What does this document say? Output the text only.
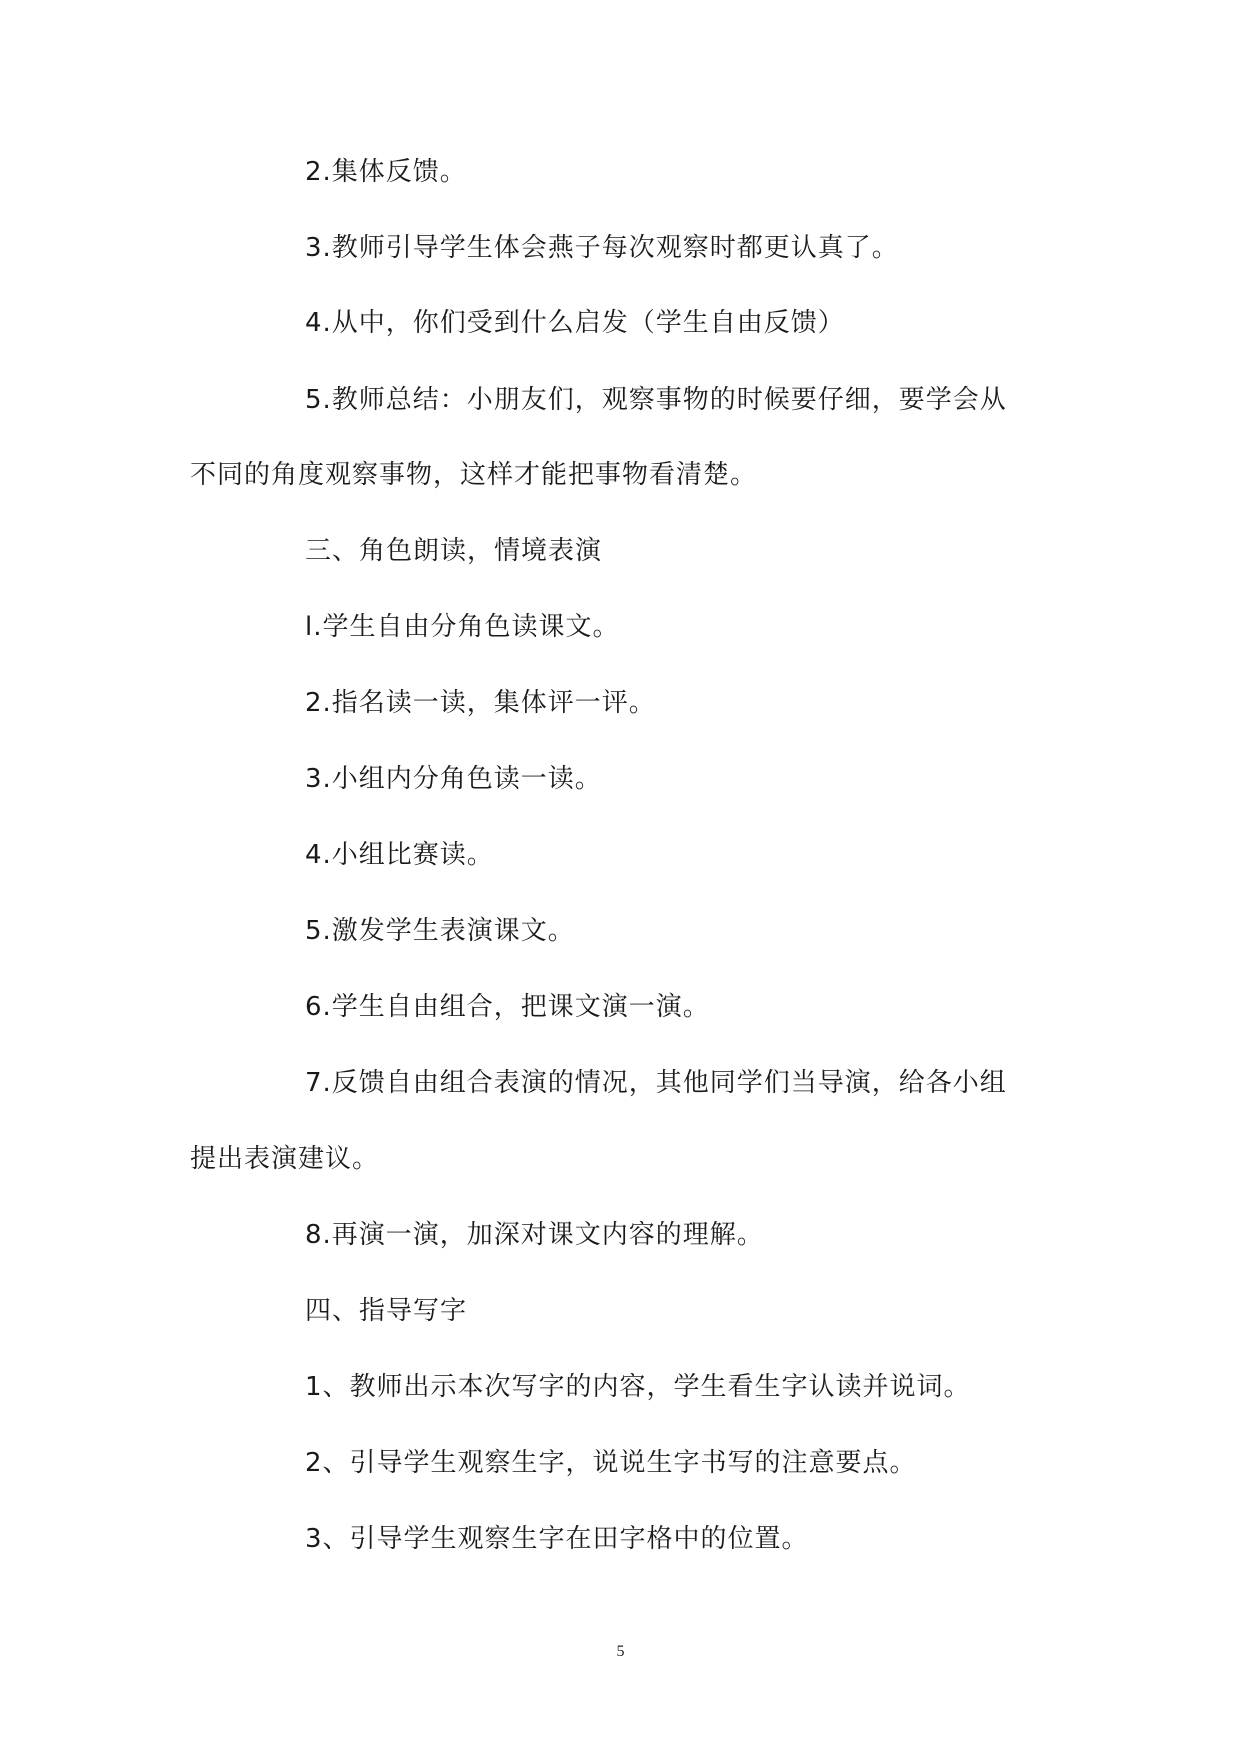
2.集体反馈。
3.教师引导学生体会燕子每次观察时都更认真了。
4.从中，你们受到什么启发（学生自由反馈）
5.教师总结：小朋友们，观察事物的时候要仔细，要学会从
不同的角度观察事物，这样才能把事物看清楚。
三、角色朗读，情境表演
l.学生自由分角色读课文。
2.指名读一读，集体评一评。
3.小组内分角色读一读。
4.小组比赛读。
5.激发学生表演课文。
6.学生自由组合，把课文演一演。
7.反馈自由组合表演的情况，其他同学们当导演，给各小组
提出表演建议。
8.再演一演，加深对课文内容的理解。
四、指导写字
1、教师出示本次写字的内容，学生看生字认读并说词。
2、引导学生观察生字，说说生字书写的注意要点。
3、引导学生观察生字在田字格中的位置。
5
